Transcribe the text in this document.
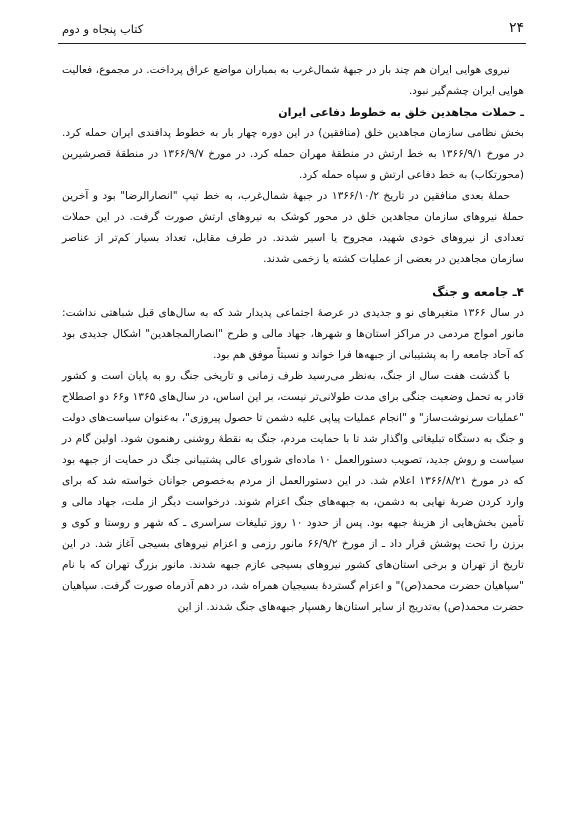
۲۴
کتاب پنجاه و دوم

نیروی هوایی ایران هم چند بار در جبههٔ شمال‌غرب به بمباران مواضع عراق پرداخت. در مجموع، فعالیت هوایی ایران چشم‌گیر نبود.

ـ حملات مجاهدین خلق به خطوط دفاعی ایران

بخش نظامی سازمان مجاهدین خلق (منافقین) در این دوره چهار بار به خطوط پدافندی ایران حمله کرد. در مورخ ۱۳۶۶/۹/۱ به خط ارتش در منطقهٔ مهران حمله کرد. در مورخ ۱۳۶۶/۹/۷ در منطقهٔ قصرشیرین (محورتکاب) به خط دفاعی ارتش و سپاه حمله کرد.

حملهٔ بعدی منافقین در تاریخ ۱۳۶۶/۱۰/۲ در جبههٔ شمال‌غرب، به خط تیپ "انصارالرضا" بود و آخرین حملهٔ نیروهای سازمان مجاهدین خلق در محور کوشک به نیروهای ارتش صورت گرفت. در این حملات تعدادی از نیروهای خودی شهید، مجروح یا اسیر شدند. در طرف مقابل، تعداد بسیار کم‌تر از عناصر سازمان مجاهدین در بعضی از عملیات کشته یا زخمی شدند.

۴ـ جامعه و جنگ

در سال ۱۳۶۶ متغیرهای نو و جدیدی در عرصهٔ اجتماعی پدیدار شد که به سال‌های قبل شباهتی نداشت: مانور امواج مردمی در مراکز استان‌ها و شهرها، جهاد مالی و طرح "انصارالمجاهدین" اشکال جدیدی بود که آحاد جامعه را به پشتیبانی از جبهه‌ها فرا خواند و نسبتاً موفق هم بود.

با گذشت هفت سال از جنگ، به‌نظر می‌رسید ظرف زمانی و تاریخی جنگ رو به پایان است و کشور قادر به تحمل وضعیت جنگی برای مدت طولانی‌تر نیست، بر این اساس، در سال‌های ۱۳۶۵ و۶۶ دو اصطلاح "عملیات سرنوشت‌ساز" و "انجام عملیات پیاپی علیه دشمن تا حصول پیروزی"، به‌عنوان سیاست‌های دولت و جنگ به دستگاه تبلیغاتی واگذار شد تا با حمایت مردم، جنگ به نقطهٔ روشنی رهنمون شود. اولین گام در سیاست و روش جدید، تصویب دستورالعمل ۱۰ ماده‌ای شورای عالی پشتیبانی جنگ در حمایت از جبهه بود که در مورخ ۱۳۶۶/۸/۲۱ اعلام شد. در این دستورالعمل از مردم به‌خصوص جوانان خواسته شد که برای وارد کردن ضربهٔ نهایی به دشمن، به جبهه‌های جنگ اعزام شوند. درخواست دیگر از ملت، جهاد مالی و تأمین بخش‌هایی از هزینهٔ جبهه بود. پس از حدود ۱۰ روز تبلیغات سراسری ـ که شهر و روستا و کوی و برزن را تحت پوشش قرار داد ـ از مورخ ۶۶/۹/۲ مانور رزمی و اعزام نیروهای بسیجی آغاز شد. در این تاریخ از تهران و برخی استان‌های کشور نیروهای بسیجی عازم جبهه شدند. مانور بزرگ تهران که با نام "سپاهیان حضرت محمد(ص)" و اعزام گستردهٔ بسیجیان همراه شد، در دهم آذرماه صورت گرفت. سپاهیان حضرت محمد(ص) به‌تدریج از سایر استان‌ها رهسپار جبهه‌های جنگ شدند. از این
